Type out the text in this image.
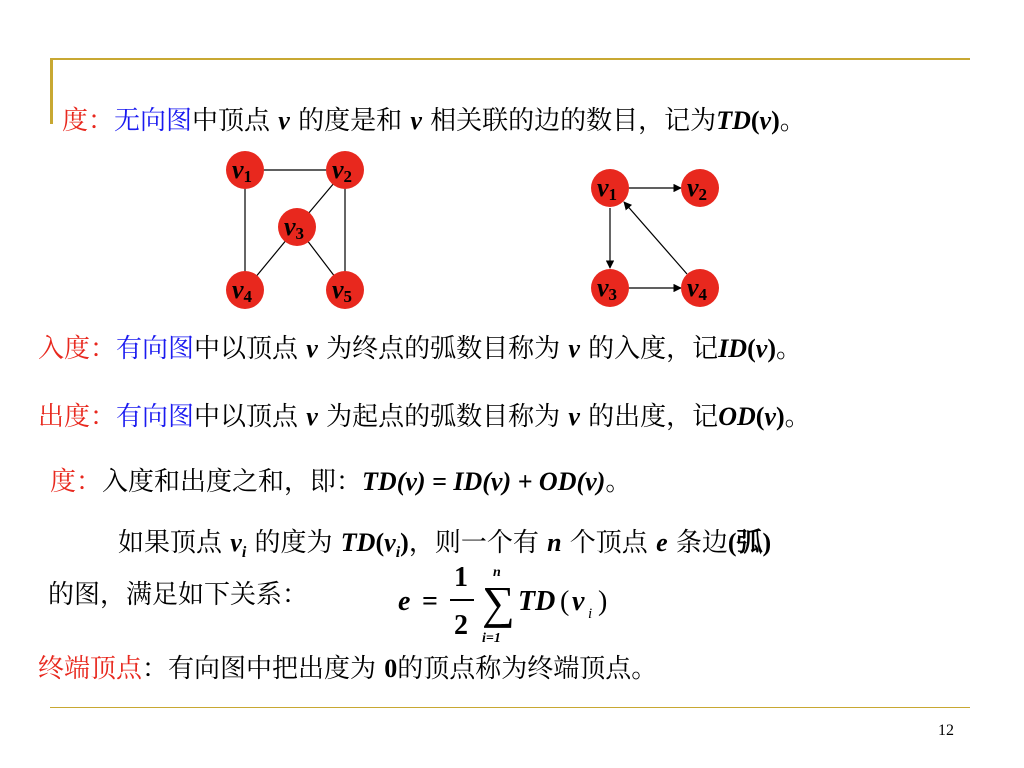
度：无向图中顶点 v 的度是和 v 相关联的边的数目，记为TD(v)。
v1	v2
v3
v4	v5
v1	v2
v3	v4
入度：有向图中以顶点 v 为终点的弧数目称为 v 的入度，记ID(v)。
出度：有向图中以顶点 v 为起点的弧数目称为 v 的出度，记OD(v)。
度：入度和出度之和，即：TD(v) = ID(v) + OD(v)。
如果顶点 $v_i$ 的度为 $TD(v_i)$，则一个有 n 个顶点 e 条边(弧)
的图，满足如下关系：	e =
1
2 ∑
n
i=1
TD ( v i )
终端顶点：有向图中把出度为 0的顶点称为终端顶点。
12
